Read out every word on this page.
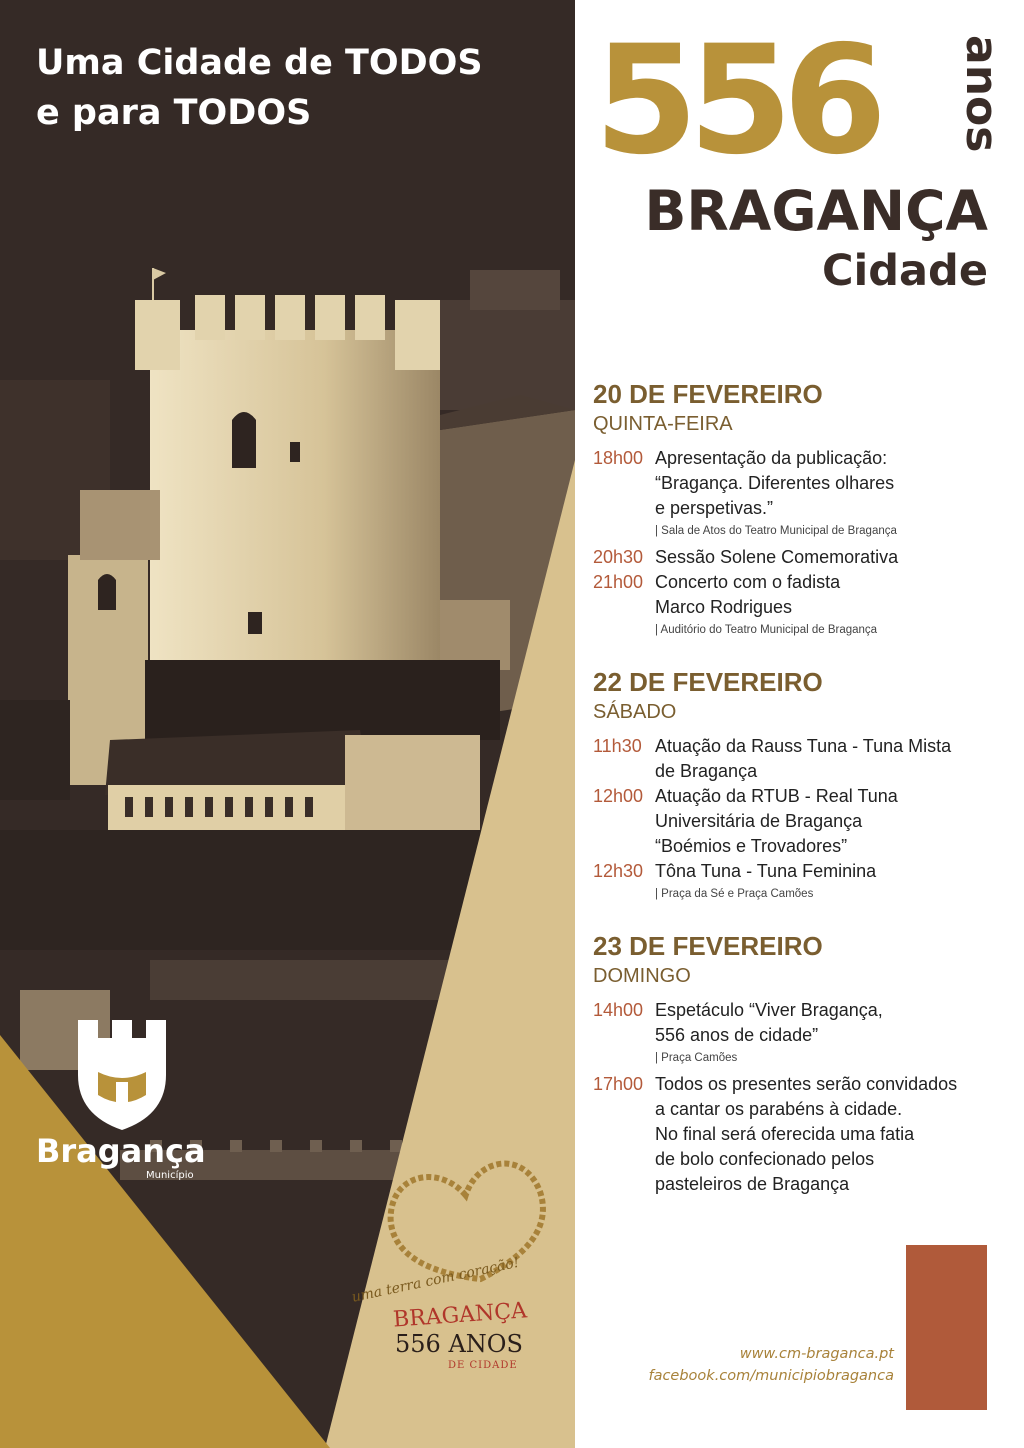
Uma Cidade de TODOS
e para TODOS
Bragança
Município
uma terra com coração!
BRAGANÇA
556 ANOS
DE CIDADE
556 anos
BRAGANÇA
Cidade
20 DE FEVEREIRO
QUINTA-FEIRA
18h00 Apresentação da publicação:
“Bragança. Diferentes olhares
e perspetivas.”
| Sala de Atos do Teatro Municipal de Bragança
20h30 Sessão Solene Comemorativa
21h00 Concerto com o fadista
Marco Rodrigues
| Auditório do Teatro Municipal de Bragança
22 DE FEVEREIRO
SÁBADO
11h30 Atuação da Rauss Tuna - Tuna Mista
de Bragança
12h00 Atuação da RTUB - Real Tuna
Universitária de Bragança
“Boémios e Trovadores”
12h30 Tôna Tuna - Tuna Feminina
| Praça da Sé e Praça Camões
23 DE FEVEREIRO
DOMINGO
14h00 Espetáculo “Viver Bragança,
556 anos de cidade”
| Praça Camões
17h00 Todos os presentes serão convidados
a cantar os parabéns à cidade.
No final será oferecida uma fatia
de bolo confecionado pelos
pasteleiros de Bragança
www.cm-braganca.pt
facebook.com/municipiobraganca
